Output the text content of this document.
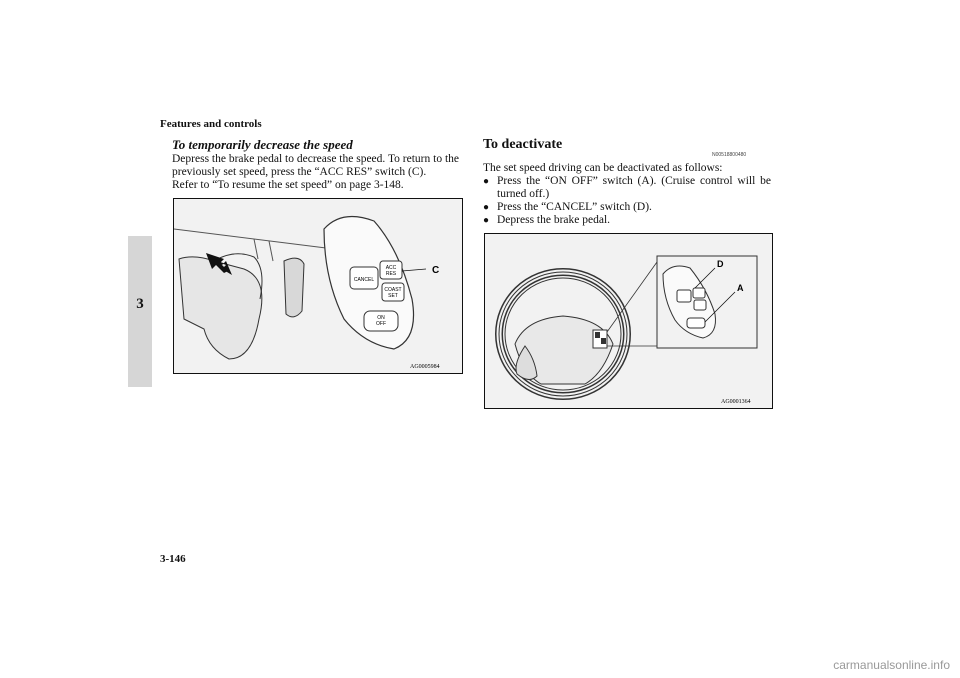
Features and controls
3
To temporarily decrease the speed
Depress the brake pedal to decrease the speed. To return to the
previously set speed, press the “ACC RES” switch (C).
Refer to “To resume the set speed” on page 3-148.
CANCEL
ACC
RES
COAST
SET
ON
OFF
C
AG0005984
To deactivate
N00518800480
The set speed driving can be deactivated as follows:
● Press the “ON OFF” switch (A). (Cruise control will be
turned off.)
● Press the “CANCEL” switch (D).
● Depress the brake pedal.
D
A
AG0001364
3-146
carmanualsonline.info
